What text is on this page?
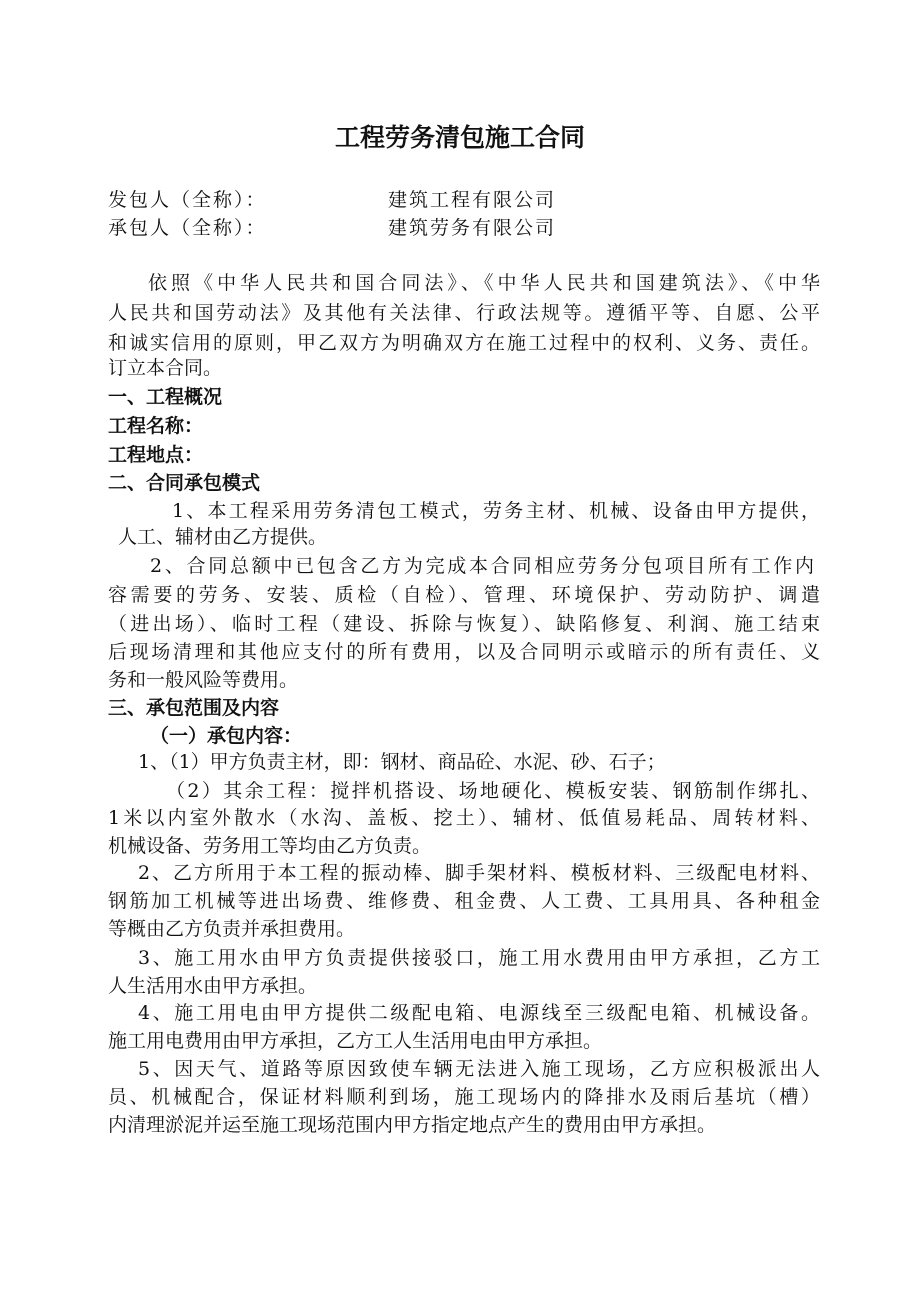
工程劳务清包施工合同
发包人（全称）：	建筑工程有限公司
承包人（全称）：	建筑劳务有限公司
依照《中华人民共和国合同法》、《中华人民共和国建筑法》、《中华
人民共和国劳动法》及其他有关法律、行政法规等。遵循平等、自愿、公平
和诚实信用的原则，甲乙双方为明确双方在施工过程中的权利、义务、责任。
订立本合同。
一、工程概况
工程名称：
工程地点：
二、合同承包模式
1、本工程采用劳务清包工模式，劳务主材、机械、设备由甲方提供，
人工、辅材由乙方提供。
2、合同总额中已包含乙方为完成本合同相应劳务分包项目所有工作内
容需要的劳务、安装、质检（自检）、管理、环境保护、劳动防护、调遣
（进出场）、临时工程（建设、拆除与恢复）、缺陷修复、利润、施工结束
后现场清理和其他应支付的所有费用，以及合同明示或暗示的所有责任、义
务和一般风险等费用。
三、承包范围及内容
（一）承包内容：
1、（1）甲方负责主材，即：钢材、商品砼、水泥、砂、石子；
（2）其余工程：搅拌机搭设、场地硬化、模板安装、钢筋制作绑扎、
1米以内室外散水（水沟、盖板、挖土）、辅材、低值易耗品、周转材料、
机械设备、劳务用工等均由乙方负责。
2、乙方所用于本工程的振动棒、脚手架材料、模板材料、三级配电材料、
钢筋加工机械等进出场费、维修费、租金费、人工费、工具用具、各种租金
等概由乙方负责并承担费用。
3、施工用水由甲方负责提供接驳口，施工用水费用由甲方承担，乙方工
人生活用水由甲方承担。
4、施工用电由甲方提供二级配电箱、电源线至三级配电箱、机械设备。
施工用电费用由甲方承担，乙方工人生活用电由甲方承担。
5、因天气、道路等原因致使车辆无法进入施工现场，乙方应积极派出人
员、机械配合，保证材料顺利到场，施工现场内的降排水及雨后基坑（槽）
内清理淤泥并运至施工现场范围内甲方指定地点产生的费用由甲方承担。
